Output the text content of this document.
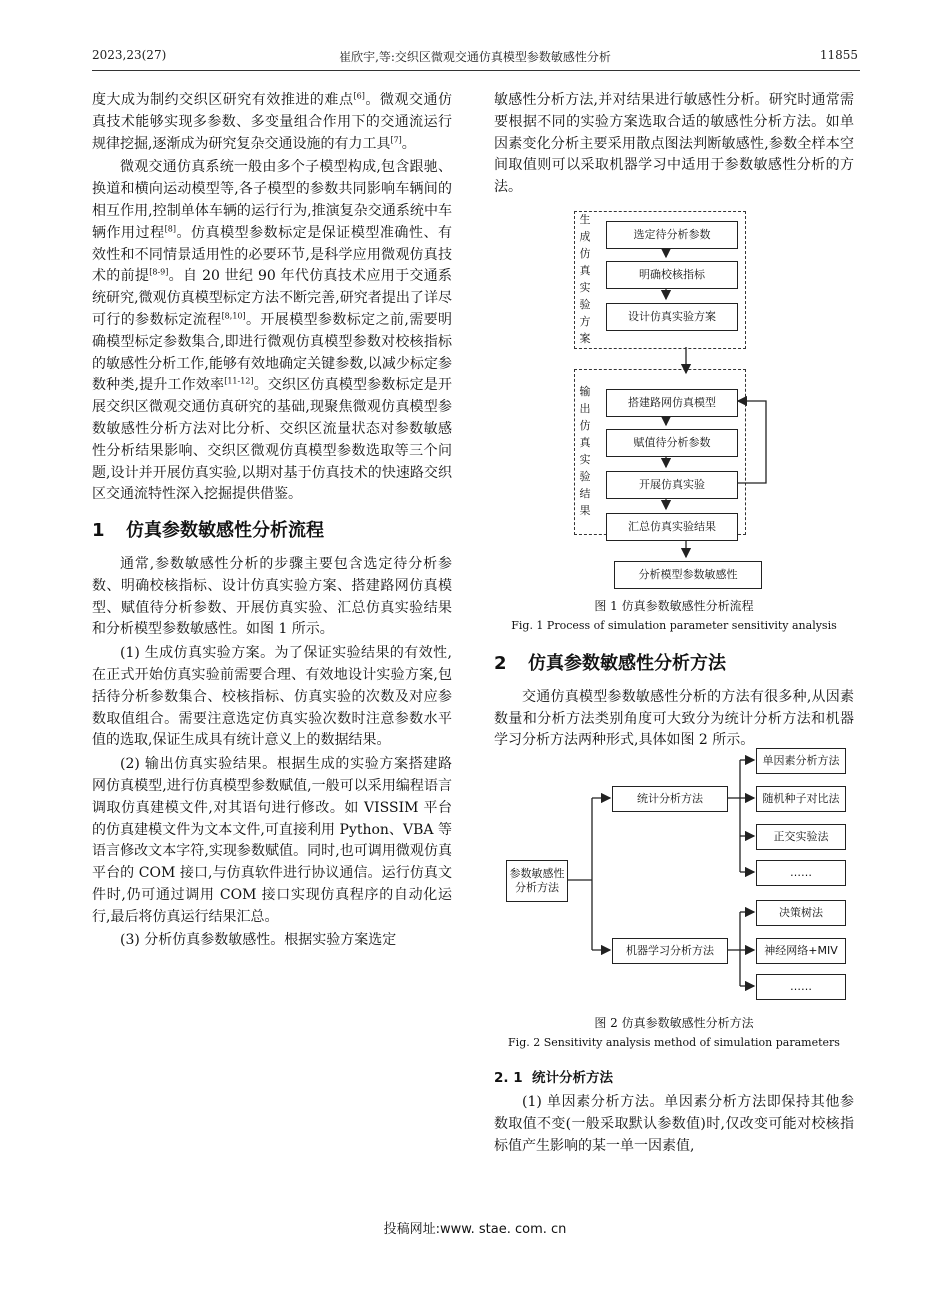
2023,23(27)	崔欣宇,等:交织区微观交通仿真模型参数敏感性分析	11855

度大成为制约交织区研究有效推进的难点[6]。微观交通仿真技术能够实现多参数、多变量组合作用下的交通流运行规律挖掘,逐渐成为研究复杂交通设施的有力工具[7]。

微观交通仿真系统一般由多个子模型构成,包含跟驰、换道和横向运动模型等,各子模型的参数共同影响车辆间的相互作用,控制单体车辆的运行行为,推演复杂交通系统中车辆作用过程[8]。仿真模型参数标定是保证模型准确性、有效性和不同情景适用性的必要环节,是科学应用微观仿真技术的前提[8-9]。自 20 世纪 90 年代仿真技术应用于交通系统研究,微观仿真模型标定方法不断完善,研究者提出了详尽可行的参数标定流程[8,10]。开展模型参数标定之前,需要明确模型标定参数集合,即进行微观仿真模型参数对校核指标的敏感性分析工作,能够有效地确定关键参数,以减少标定参数种类,提升工作效率[11-12]。交织区仿真模型参数标定是开展交织区微观交通仿真研究的基础,现聚焦微观仿真模型参数敏感性分析方法对比分析、交织区流量状态对参数敏感性分析结果影响、交织区微观仿真模型参数选取等三个问题,设计并开展仿真实验,以期对基于仿真技术的快速路交织区交通流特性深入挖掘提供借鉴。

1 仿真参数敏感性分析流程

通常,参数敏感性分析的步骤主要包含选定待分析参数、明确校核指标、设计仿真实验方案、搭建路网仿真模型、赋值待分析参数、开展仿真实验、汇总仿真实验结果和分析模型参数敏感性。如图 1 所示。

(1) 生成仿真实验方案。为了保证实验结果的有效性,在正式开始仿真实验前需要合理、有效地设计实验方案,包括待分析参数集合、校核指标、仿真实验的次数及对应参数取值组合。需要注意选定仿真实验次数时注意参数水平值的选取,保证生成具有统计意义上的数据结果。

(2) 输出仿真实验结果。根据生成的实验方案搭建路网仿真模型,进行仿真模型参数赋值,一般可以采用编程语言调取仿真建模文件,对其语句进行修改。如 VISSIM 平台的仿真建模文件为文本文件,可直接利用 Python、VBA 等语言修改文本字符,实现参数赋值。同时,也可调用微观仿真平台的 COM 接口,与仿真软件进行协议通信。运行仿真文件时,仍可通过调用 COM 接口实现仿真程序的自动化运行,最后将仿真运行结果汇总。

(3) 分析仿真参数敏感性。根据实验方案选定

敏感性分析方法,并对结果进行敏感性分析。研究时通常需要根据不同的实验方案选取合适的敏感性分析方法。如单因素变化分析主要采用散点图法判断敏感性,参数全样本空间取值则可以采取机器学习中适用于参数敏感性分析的方法。

生
成
仿
真
实
验
方
案
输
出
仿
真
实
验
结
果
选定待分析参数
明确校核指标
设计仿真实验方案
搭建路网仿真模型
赋值待分析参数
开展仿真实验
汇总仿真实验结果
分析模型参数敏感性
图 1 仿真参数敏感性分析流程
Fig. 1 Process of simulation parameter sensitivity analysis
2 仿真参数敏感性分析方法

交通仿真模型参数敏感性分析的方法有很多种,从因素数量和分析方法类别角度可大致分为统计分析方法和机器学习分析方法两种形式,具体如图 2 所示。

参数敏感性分析方法
统计分析方法
机器学习分析方法
单因素分析方法
随机种子对比法
正交实验法
……
决策树法
神经网络+MIV
……
图 2 仿真参数敏感性分析方法
Fig. 2 Sensitivity analysis method of simulation parameters
2. 1 统计分析方法

(1) 单因素分析方法。单因素分析方法即保持其他参数取值不变(一般采取默认参数值)时,仅改变可能对校核指标值产生影响的某一单一因素值,

投稿网址:www. stae. com. cn
